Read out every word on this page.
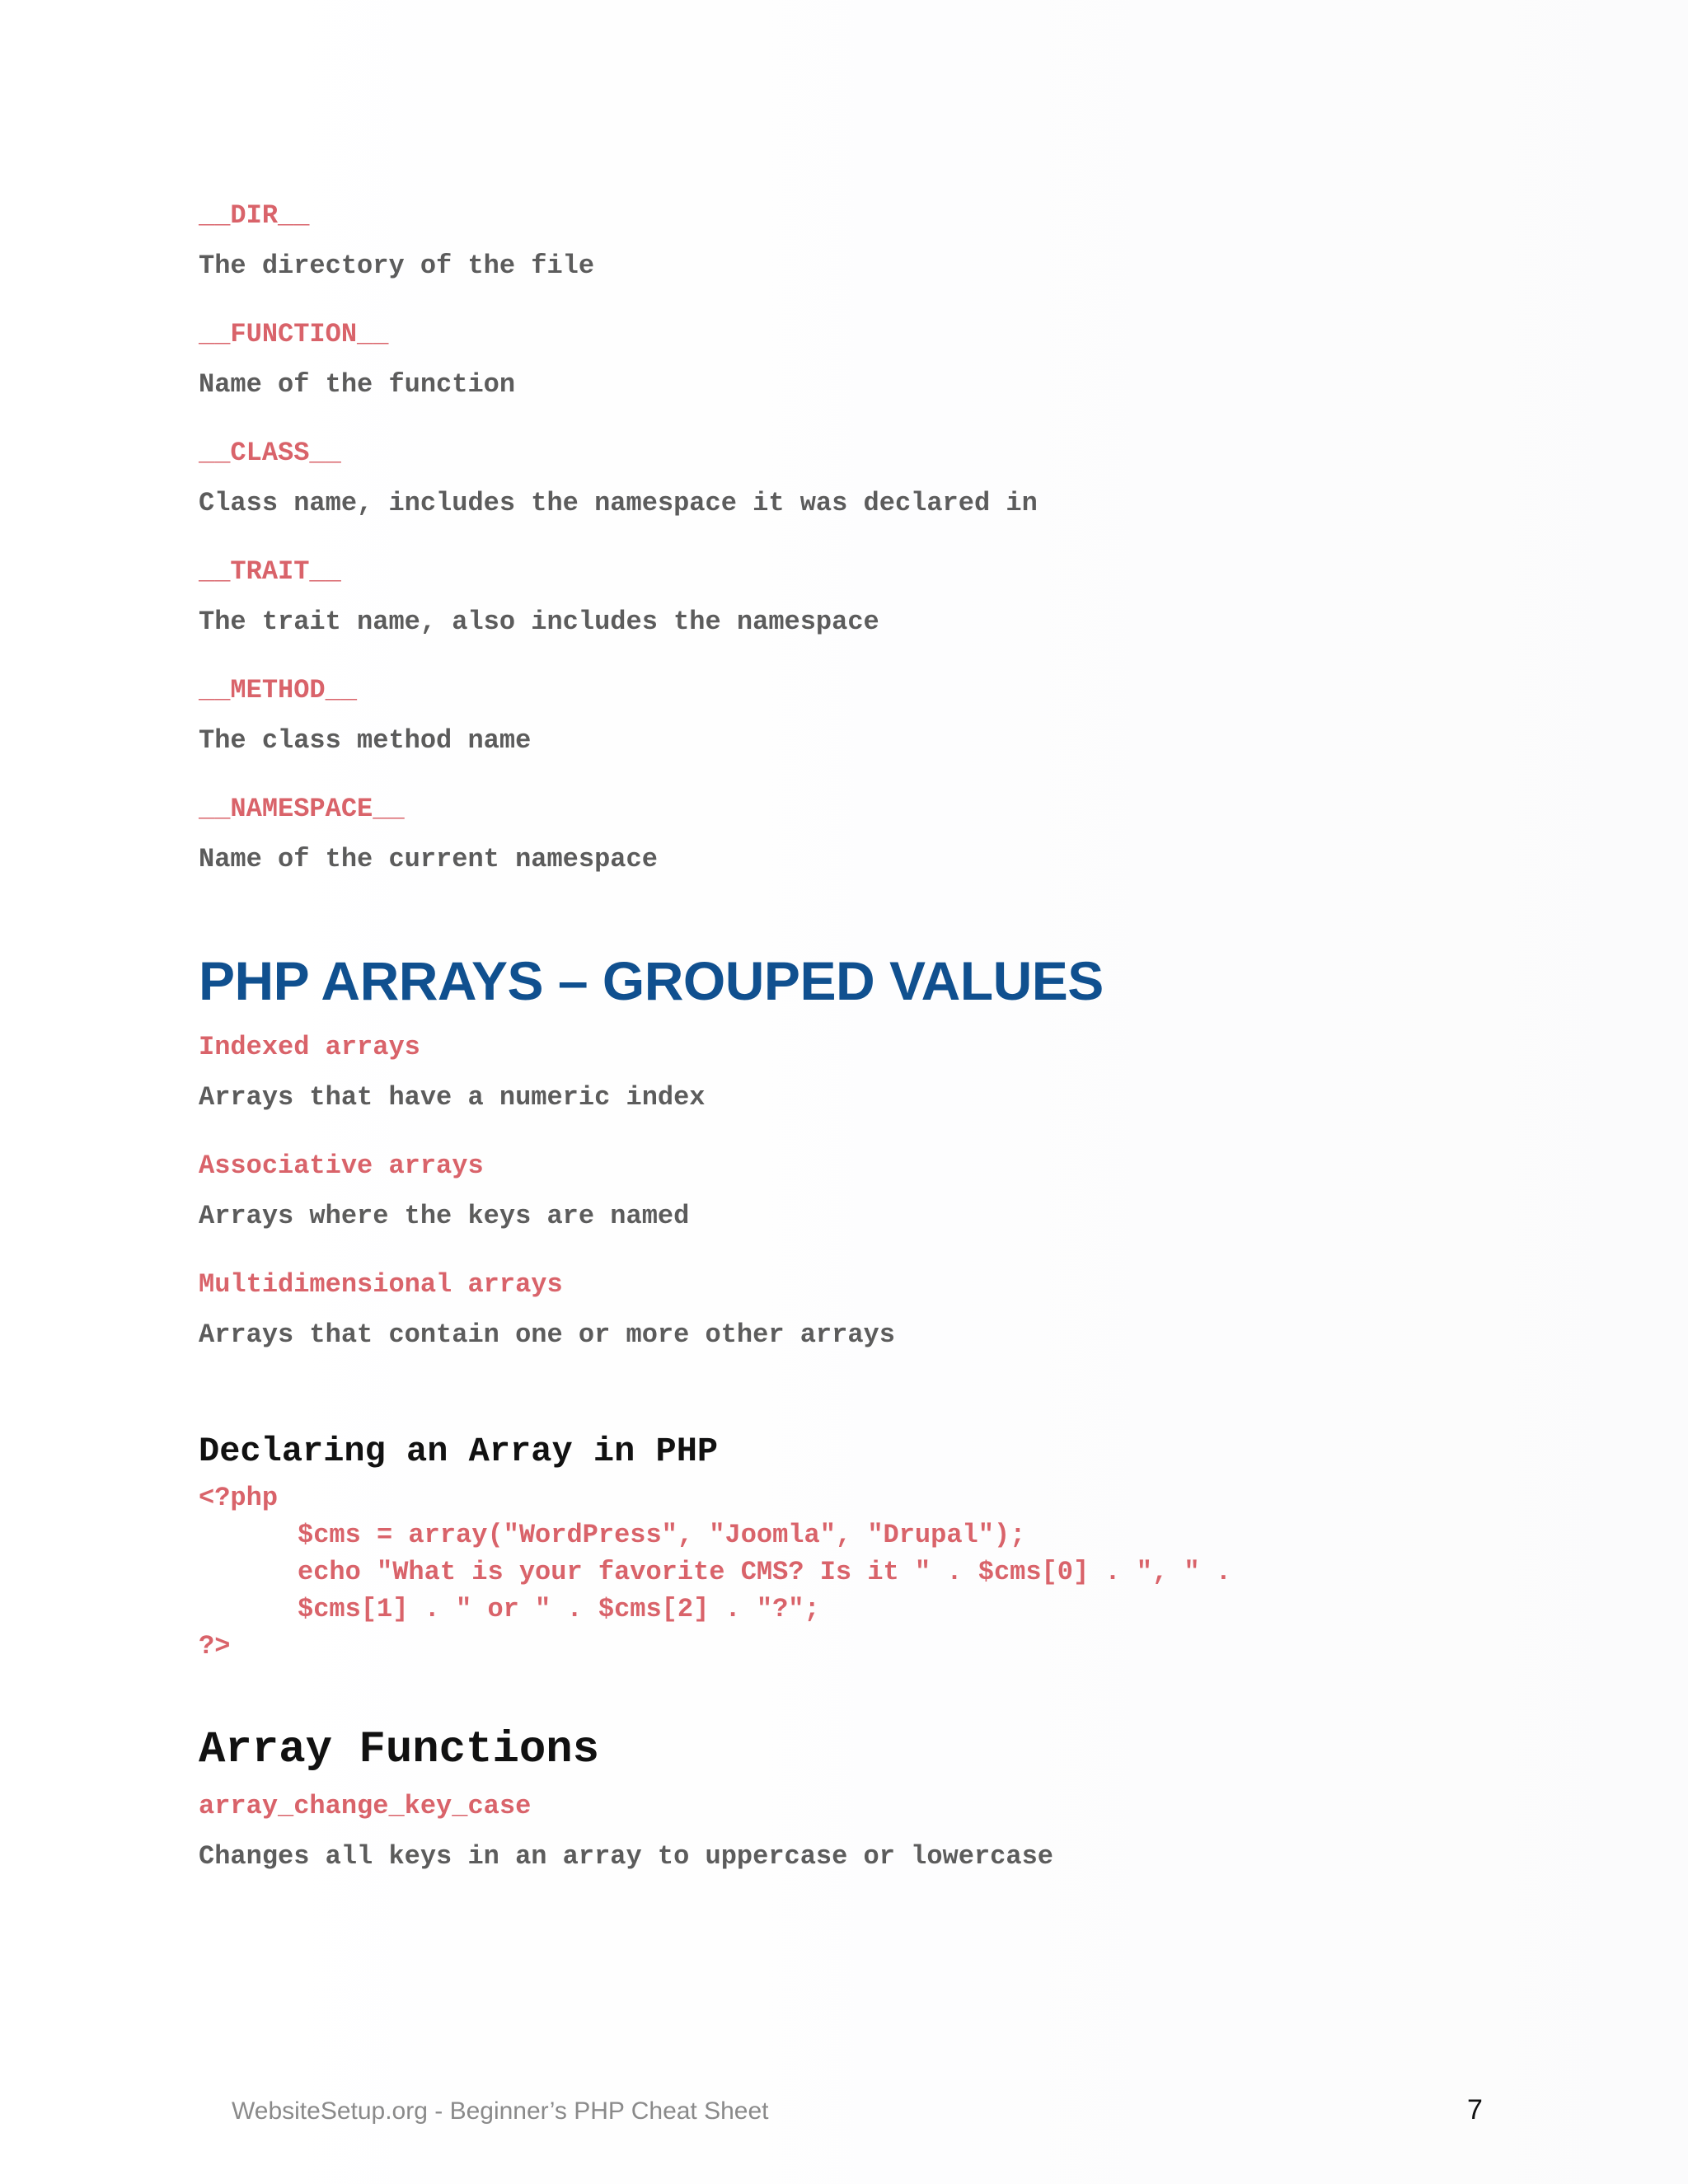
__DIR__
The directory of the file
__FUNCTION__
Name of the function
__CLASS__
Class name, includes the namespace it was declared in
__TRAIT__
The trait name, also includes the namespace
__METHOD__
The class method name
__NAMESPACE__
Name of the current namespace
PHP ARRAYS – GROUPED VALUES
Indexed arrays
Arrays that have a numeric index
Associative arrays
Arrays where the keys are named
Multidimensional arrays
Arrays that contain one or more other arrays
Declaring an Array in PHP
<?php
$cms = array("WordPress", "Joomla", "Drupal");
echo "What is your favorite CMS? Is it " . $cms[0] . ", " .
$cms[1] . " or " . $cms[2] . "?";
?>
Array Functions
array_change_key_case
Changes all keys in an array to uppercase or lowercase
WebsiteSetup.org - Beginner’s PHP Cheat Sheet	7
